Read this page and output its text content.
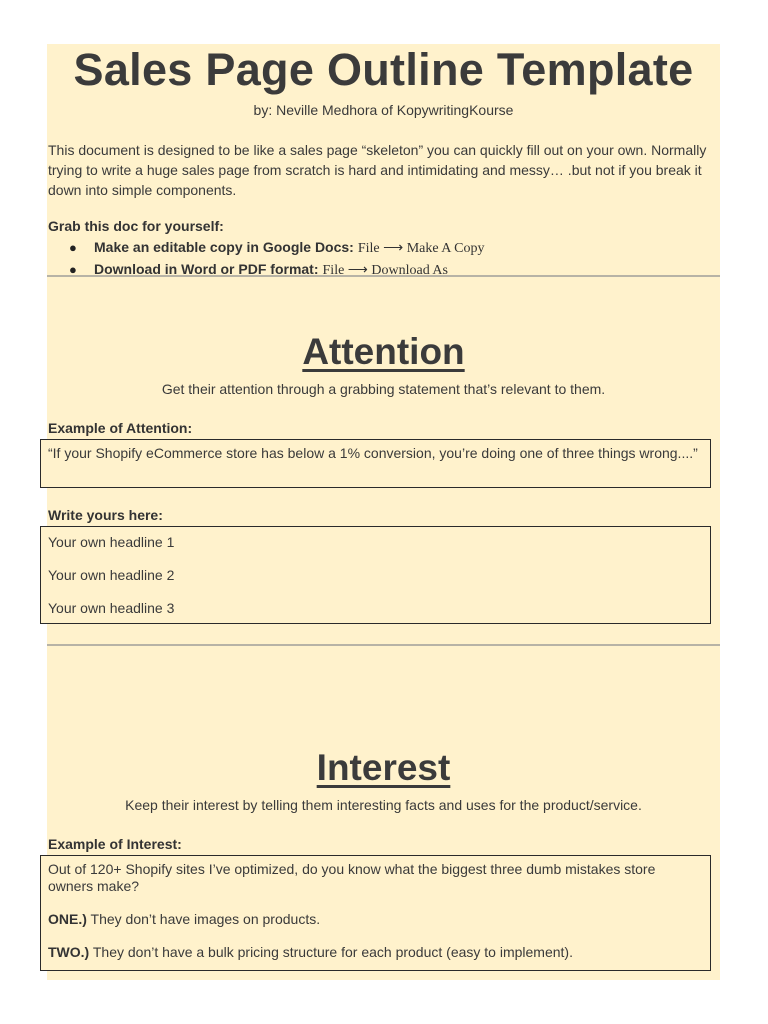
Sales Page Outline Template
by: Neville Medhora of KopywritingKourse
This document is designed to be like a sales page “skeleton” you can quickly fill out on your own. Normally trying to write a huge sales page from scratch is hard and intimidating and messy… .but not if you break it down into simple components.
Grab this doc for yourself:
●	Make an editable copy in Google Docs: File ⟶ Make A Copy
●	Download in Word or PDF format: File ⟶ Download As
Attention
Get their attention through a grabbing statement that’s relevant to them.
Example of Attention:

“If your Shopify eCommerce store has below a 1% conversion, you’re doing one of three things wrong....”

Write yours here:

Your own headline 1

Your own headline 2

Your own headline 3

Interest
Keep their interest by telling them interesting facts and uses for the product/service.
Example of Interest:

Out of 120+ Shopify sites I’ve optimized, do you know what the biggest three dumb mistakes store owners make?

ONE.) They don’t have images on products.

TWO.) They don’t have a bulk pricing structure for each product (easy to implement).
